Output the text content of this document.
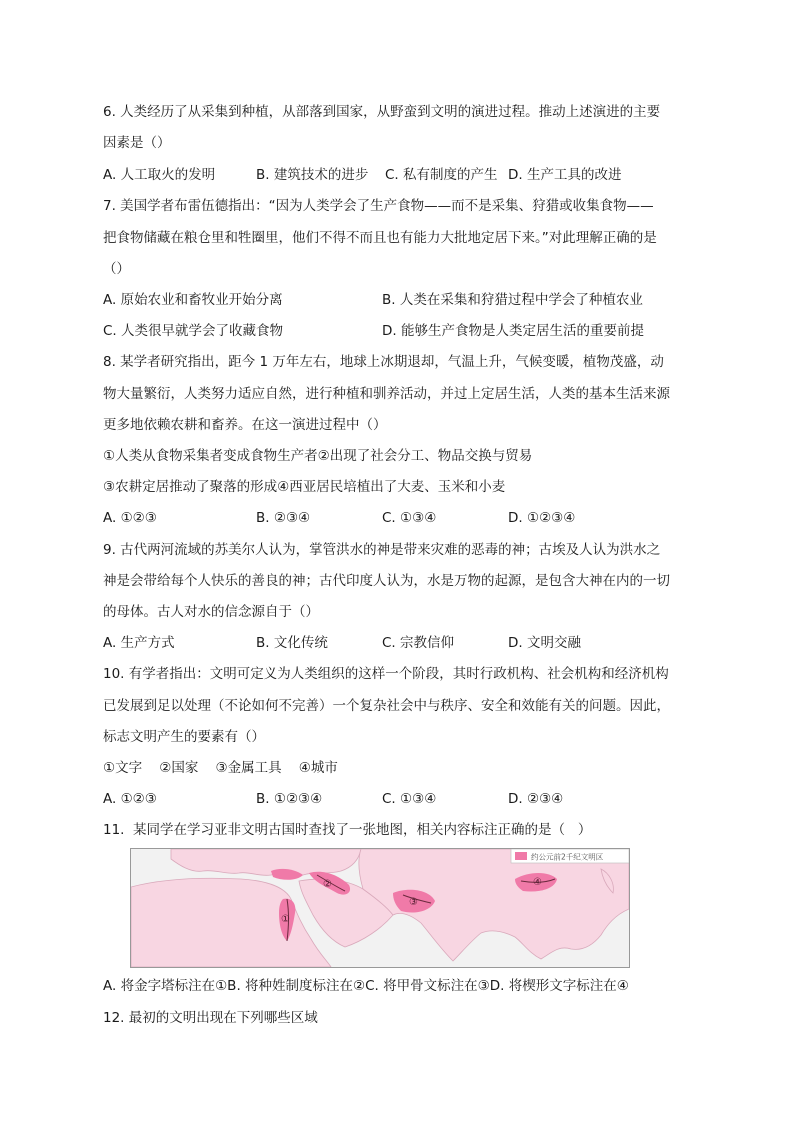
6. 人类经历了从采集到种植，从部落到国家，从野蛮到文明的演进过程。推动上述演进的主要
因素是（）
A. 人工取火的发明	B. 建筑技术的进步 C. 私有制度的产生 D. 生产工具的改进
7. 美国学者布雷伍德指出：“因为人类学会了生产食物——而不是采集、狩猎或收集食物——
把食物储藏在粮仓里和牲圈里，他们不得不而且也有能力大批地定居下来。”对此理解正确的是
（）
A. 原始农业和畜牧业开始分离	B. 人类在采集和狩猎过程中学会了种植农业
C. 人类很早就学会了收藏食物	D. 能够生产食物是人类定居生活的重要前提
8. 某学者研究指出，距今 1 万年左右，地球上冰期退却，气温上升，气候变暖，植物茂盛，动
物大量繁衍，人类努力适应自然，进行种植和驯养活动，并过上定居生活，人类的基本生活来源
更多地依赖农耕和畜养。在这一演进过程中（）
①人类从食物采集者变成食物生产者②出现了社会分工、物品交换与贸易
③农耕定居推动了聚落的形成④西亚居民培植出了大麦、玉米和小麦
A. ①②③	B. ②③④	C. ①③④	D. ①②③④
9. 古代两河流域的苏美尔人认为，掌管洪水的神是带来灾难的恶毒的神；古埃及人认为洪水之
神是会带给每个人快乐的善良的神；古代印度人认为，水是万物的起源，是包含大神在内的一切
的母体。古人对水的信念源自于（）
A. 生产方式	B. 文化传统	C. 宗教信仰	D. 文明交融
10. 有学者指出：文明可定义为人类组织的这样一个阶段，其时行政机构、社会机构和经济机构
已发展到足以处理（不论如何不完善）一个复杂社会中与秩序、安全和效能有关的问题。因此，
标志文明产生的要素有（）
①文字    ②国家    ③金属工具    ④城市
A. ①②③	B. ①②③④	C. ①③④	D. ②③④
11.  某同学在学习亚非文明古国时查找了一张地图，相关内容标注正确的是（   ）
约公元前2千纪文明区
①
②
③
④
A. 将金字塔标注在①B. 将种姓制度标注在②C. 将甲骨文标注在③D. 将楔形文字标注在④
12. 最初的文明出现在下列哪些区域
